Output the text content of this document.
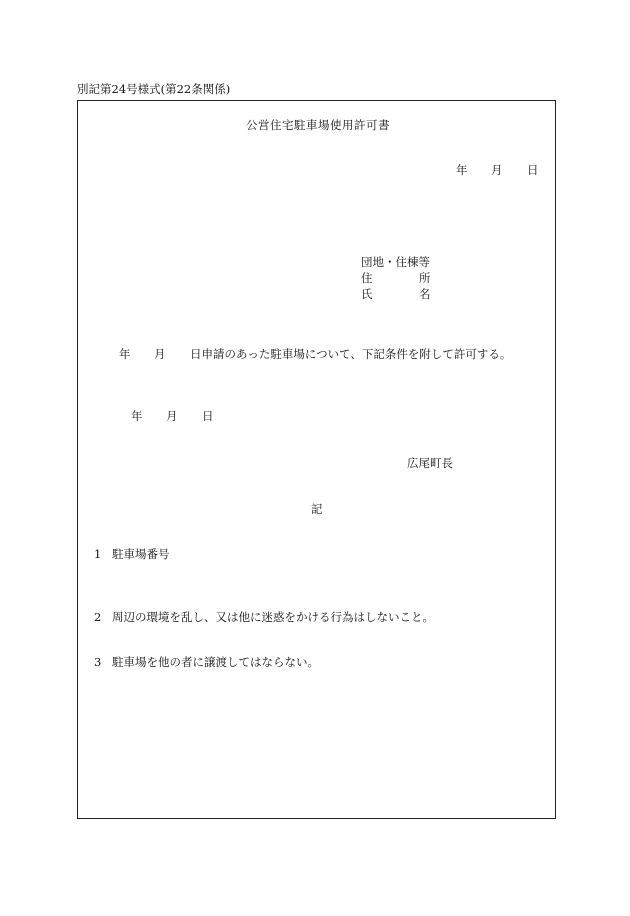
別記第24号様式(第22条関係)
公営住宅駐車場使用許可書
年 月 日
団地・住棟等
住	所
氏	名
年 月 日申請のあった駐車場について、下記条件を附して許可する。
年 月 日
広尾町長
記
1 駐車場番号
2 周辺の環境を乱し、又は他に迷惑をかける行為はしないこと。
3 駐車場を他の者に譲渡してはならない。
